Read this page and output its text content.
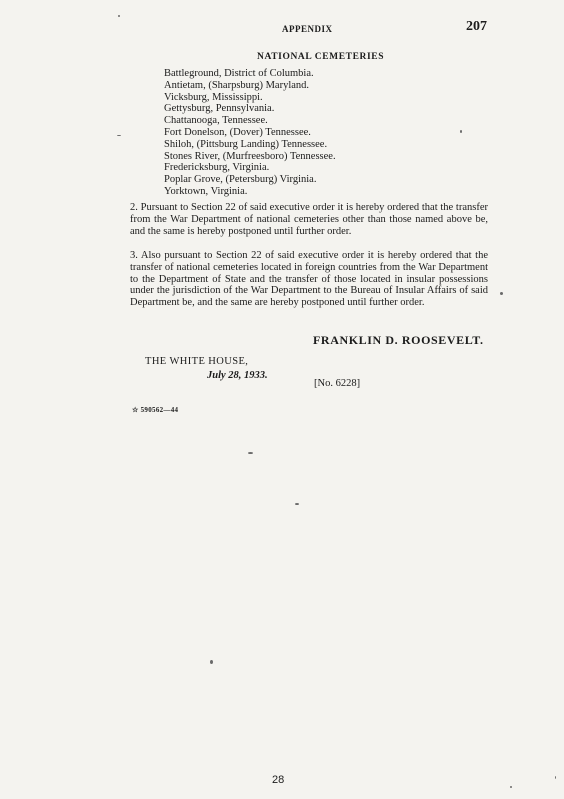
APPENDIX	207
NATIONAL CEMETERIES
Battleground, District of Columbia.
Antietam, (Sharpsburg) Maryland.
Vicksburg, Mississippi.
Gettysburg, Pennsylvania.
Chattanooga, Tennessee.
Fort Donelson, (Dover) Tennessee.
Shiloh, (Pittsburg Landing) Tennessee.
Stones River, (Murfreesboro) Tennessee.
Fredericksburg, Virginia.
Poplar Grove, (Petersburg) Virginia.
Yorktown, Virginia.

2. Pursuant to Section 22 of said executive order it is hereby ordered that the transfer from the War Department of national cemeteries other than those named above be, and the same is hereby postponed until further order.

3. Also pursuant to Section 22 of said executive order it is hereby ordered that the transfer of national cemeteries located in foreign countries from the War Department to the Department of State and the transfer of those located in insular possessions under the jurisdiction of the War Department to the Bureau of Insular Affairs of said Department be, and the same are hereby postponed until further order.

FRANKLIN D. ROOSEVELT.
THE WHITE HOUSE,
July 28, 1933.
[No. 6228]
☆ 590562—44
28
